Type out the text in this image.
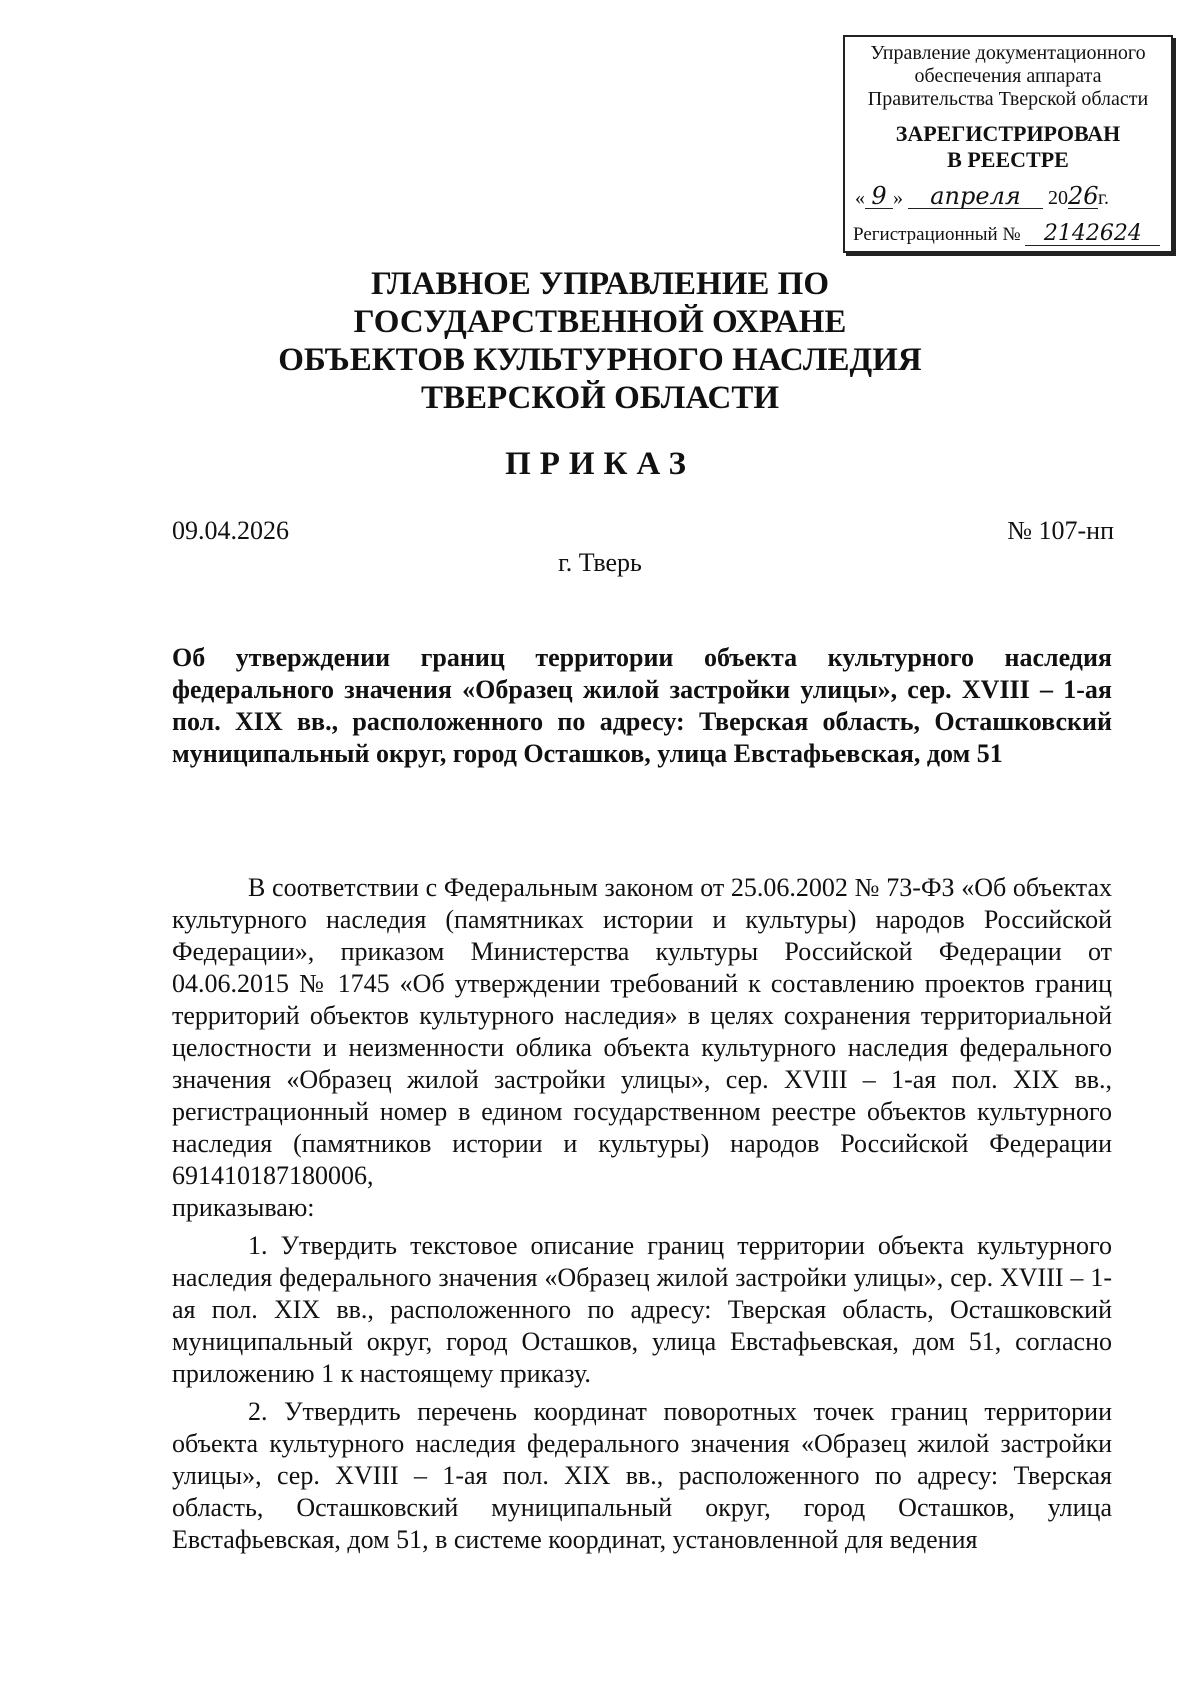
Управление документационного
обеспечения аппарата
Правительства Тверской области
ЗАРЕГИСТРИРОВАН
В РЕЕСТРЕ
« 9 » апреля 2026г.
Регистрационный № 2142624
ГЛАВНОЕ УПРАВЛЕНИЕ ПО
ГОСУДАРСТВЕННОЙ ОХРАНЕ
ОБЪЕКТОВ КУЛЬТУРНОГО НАСЛЕДИЯ
ТВЕРСКОЙ ОБЛАСТИ
ПРИКАЗ
09.04.2026	№ 107-нп
г. Тверь
Об утверждении границ территории объекта культурного наследия федерального значения «Образец жилой застройки улицы», сер. XVIII – 1-ая пол. XIX вв., расположенного по адресу: Тверская область, Осташковский муниципальный округ, город Осташков, улица Евстафьевская, дом 51

В соответствии с Федеральным законом от 25.06.2002 № 73-ФЗ «Об объектах культурного наследия (памятниках истории и культуры) народов Российской Федерации», приказом Министерства культуры Российской Федерации от 04.06.2015 № 1745 «Об утверждении требований к составлению проектов границ территорий объектов культурного наследия» в целях сохранения территориальной целостности и неизменности облика объекта культурного наследия федерального значения «Образец жилой застройки улицы», сер. XVIII – 1-ая пол. XIX вв., регистрационный номер в едином государственном реестре объектов культурного наследия (памятников истории и культуры) народов Российской Федерации 691410187180006,

приказываю:

1. Утвердить текстовое описание границ территории объекта культурного наследия федерального значения «Образец жилой застройки улицы», сер. XVIII – 1-ая пол. XIX вв., расположенного по адресу: Тверская область, Осташковский муниципальный округ, город Осташков, улица Евстафьевская, дом 51, согласно приложению 1 к настоящему приказу.

2. Утвердить перечень координат поворотных точек границ территории объекта культурного наследия федерального значения «Образец жилой застройки улицы», сер. XVIII – 1-ая пол. XIX вв., расположенного по адресу: Тверская область, Осташковский муниципальный округ, город Осташков, улица Евстафьевская, дом 51, в системе координат, установленной для ведения
